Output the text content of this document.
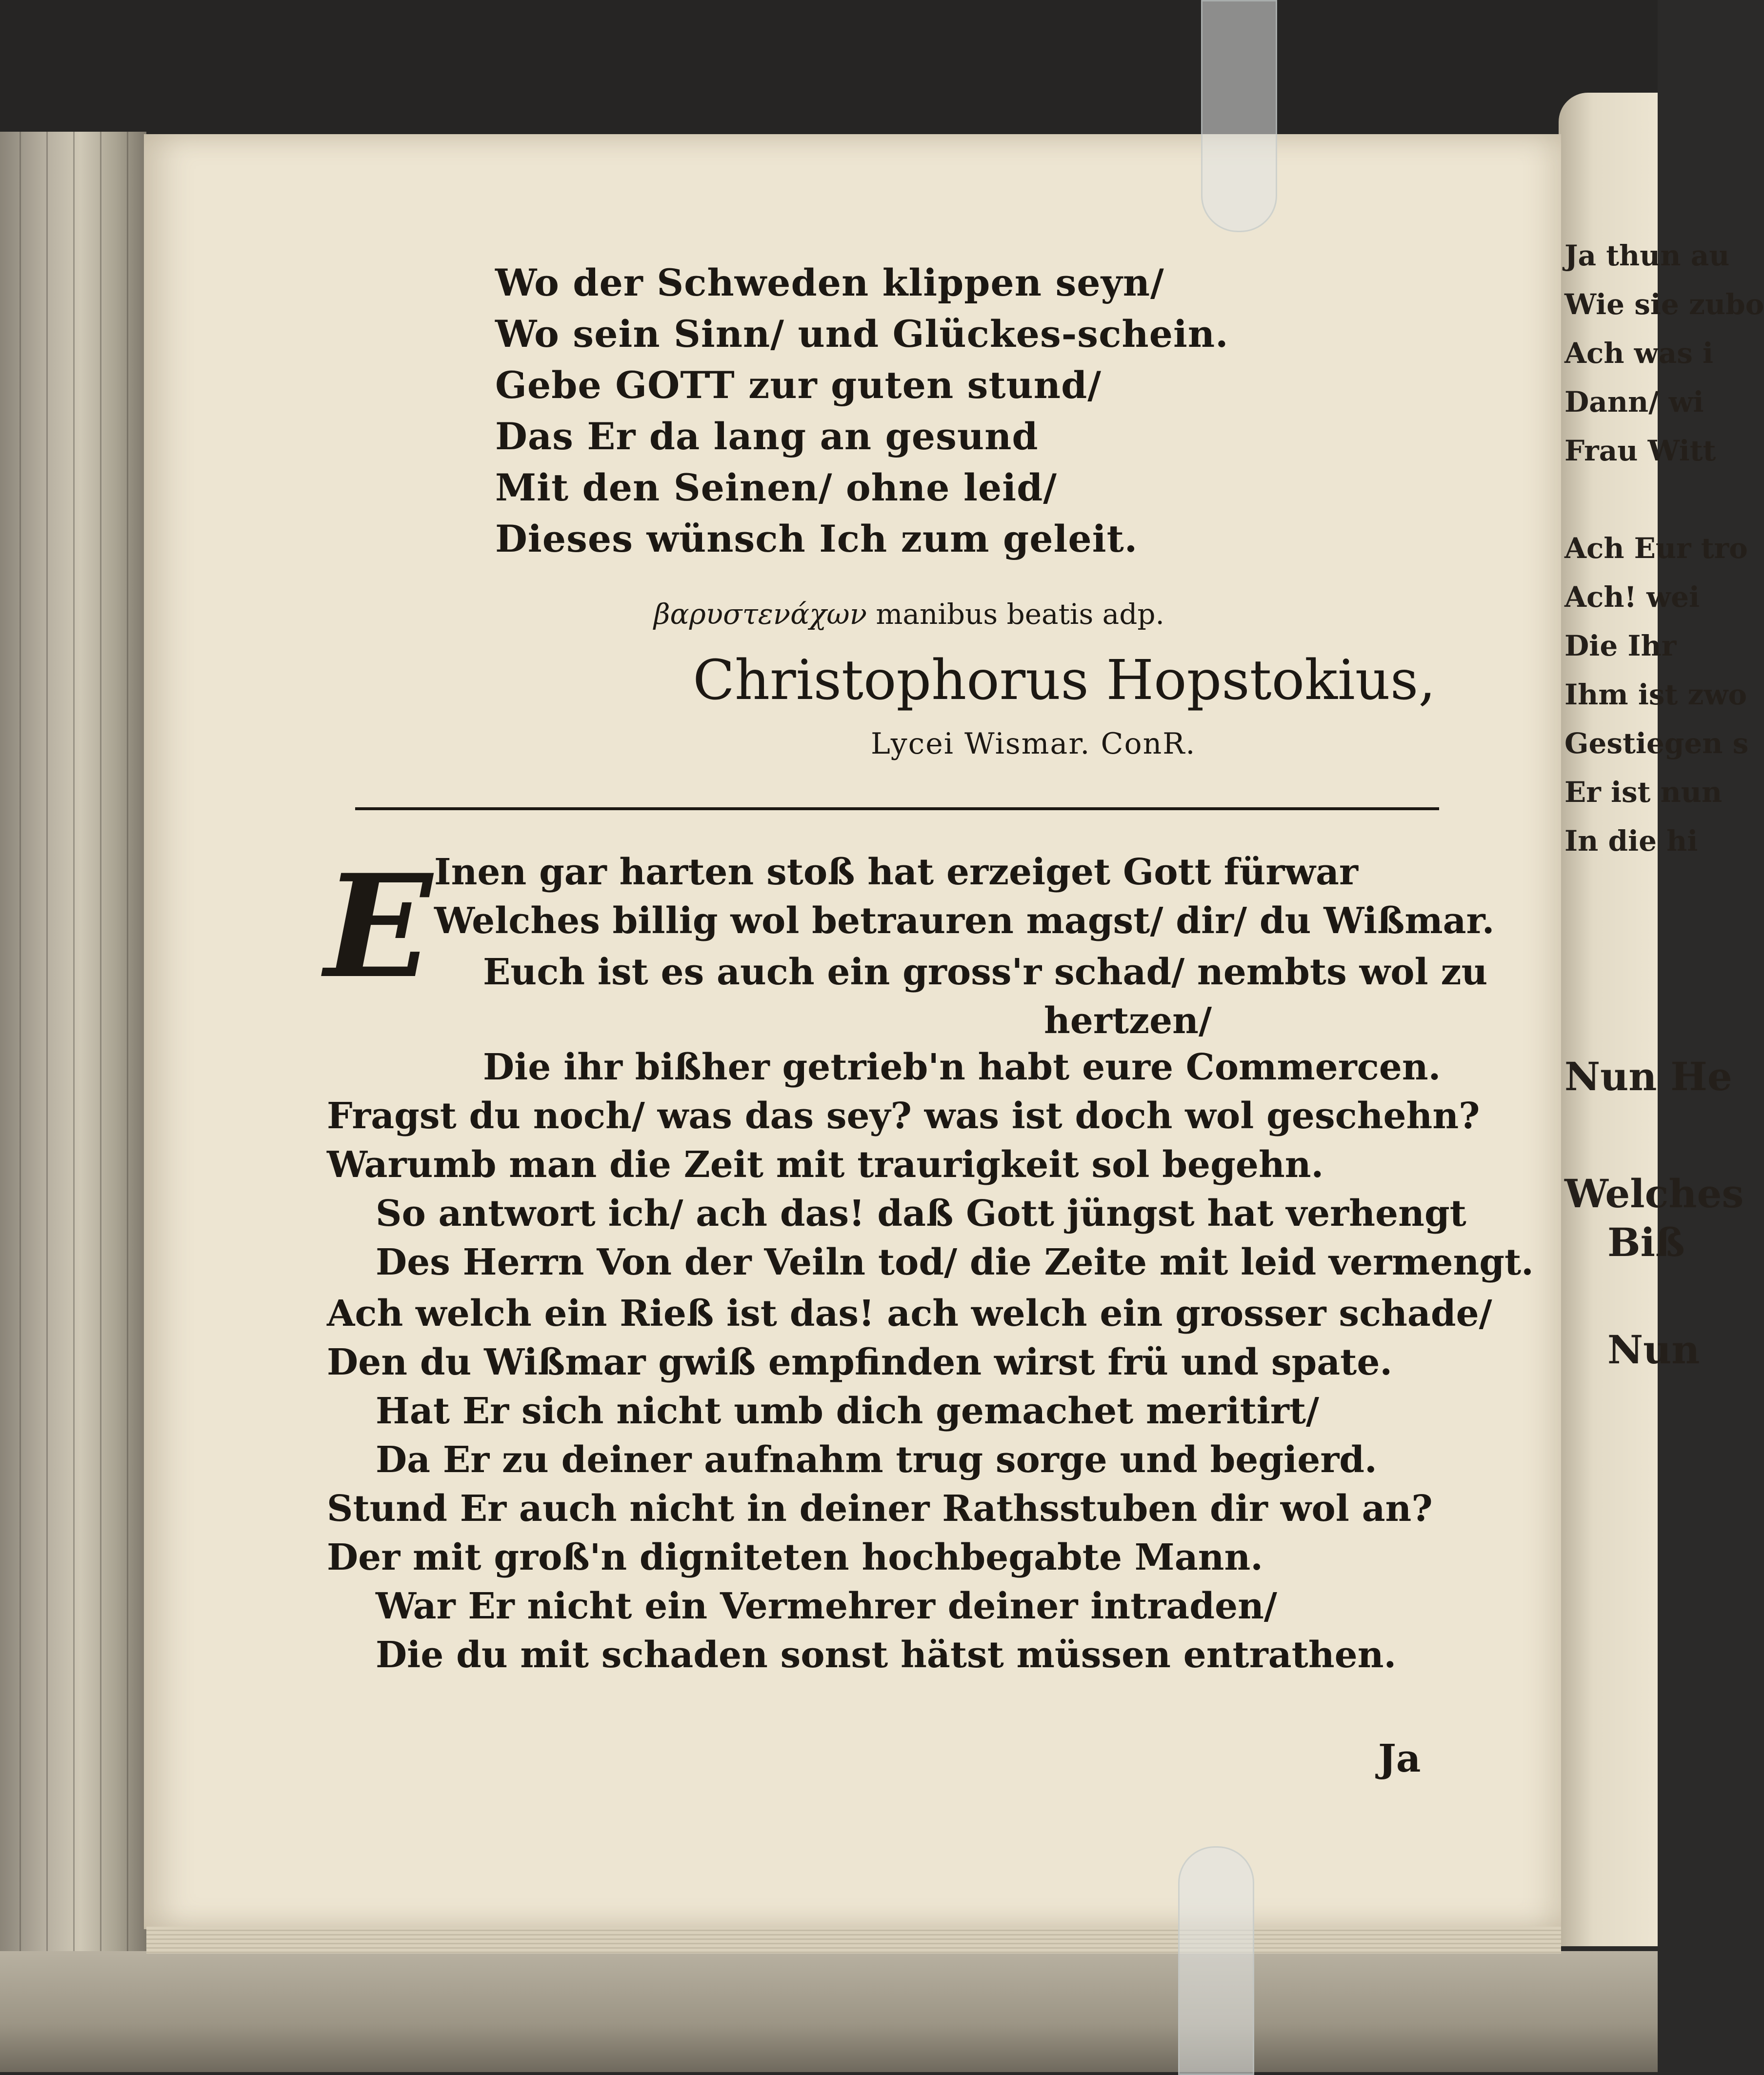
Ja thun au
Wie sie zubo
Ach was i
Dann/ wi
Frau Witt
Ach Eur tro
Ach! wei
Die Ihr
Ihm ist zwo
Gestiegen s
Er ist nun
In die hi
Nun He
Welches
Biß
Nun
Wo der Schweden klippen seyn/
Wo sein Sinn/ und Glückes-schein.
Gebe GOTT zur guten stund/
Das Er da lang an gesund
Mit den Seinen/ ohne leid/
Dieses wünsch Ich zum geleit.
βαρυστενάχων manibus beatis adp.
Christophorus Hopstokius,
Lycei Wismar. ConR.
E Inen gar harten stoß hat erzeiget Gott fürwar
Welches billig wol betrauren magst/ dir/ du Wißmar.
Euch ist es auch ein gross'r schad/ nembts wol zu
hertzen/
Die ihr bißher getrieb'n habt eure Commercen.
Fragst du noch/ was das sey? was ist doch wol geschehn?
Warumb man die Zeit mit traurigkeit sol begehn.
So antwort ich/ ach das! daß Gott jüngst hat verhengt
Des Herrn Von der Veiln tod/ die Zeite mit leid vermengt.
Ach welch ein Rieß ist das! ach welch ein grosser schade/
Den du Wißmar gwiß empfinden wirst frü und spate.
Hat Er sich nicht umb dich gemachet meritirt/
Da Er zu deiner aufnahm trug sorge und begierd.
Stund Er auch nicht in deiner Rathsstuben dir wol an?
Der mit groß'n digniteten hochbegabte Mann.
War Er nicht ein Vermehrer deiner intraden/
Die du mit schaden sonst hätst müssen entrathen.
Ja
